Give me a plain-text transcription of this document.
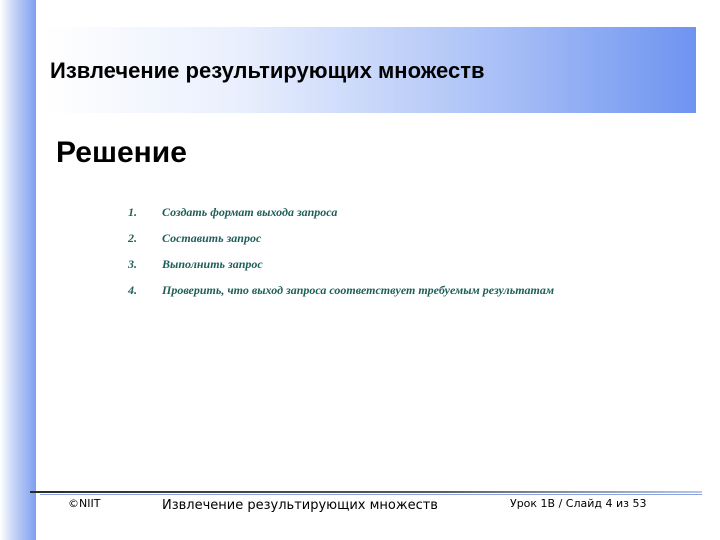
Извлечение результирующих множеств
Решение
1.	Создать формат выхода запроса
2.	Составить запрос
3.	Выполнить запрос
4.	Проверить, что выход запроса соответствует требуемым результатам
©NIIT	Извлечение результирующих множеств	Урок 1В / Слайд 4 из 53
